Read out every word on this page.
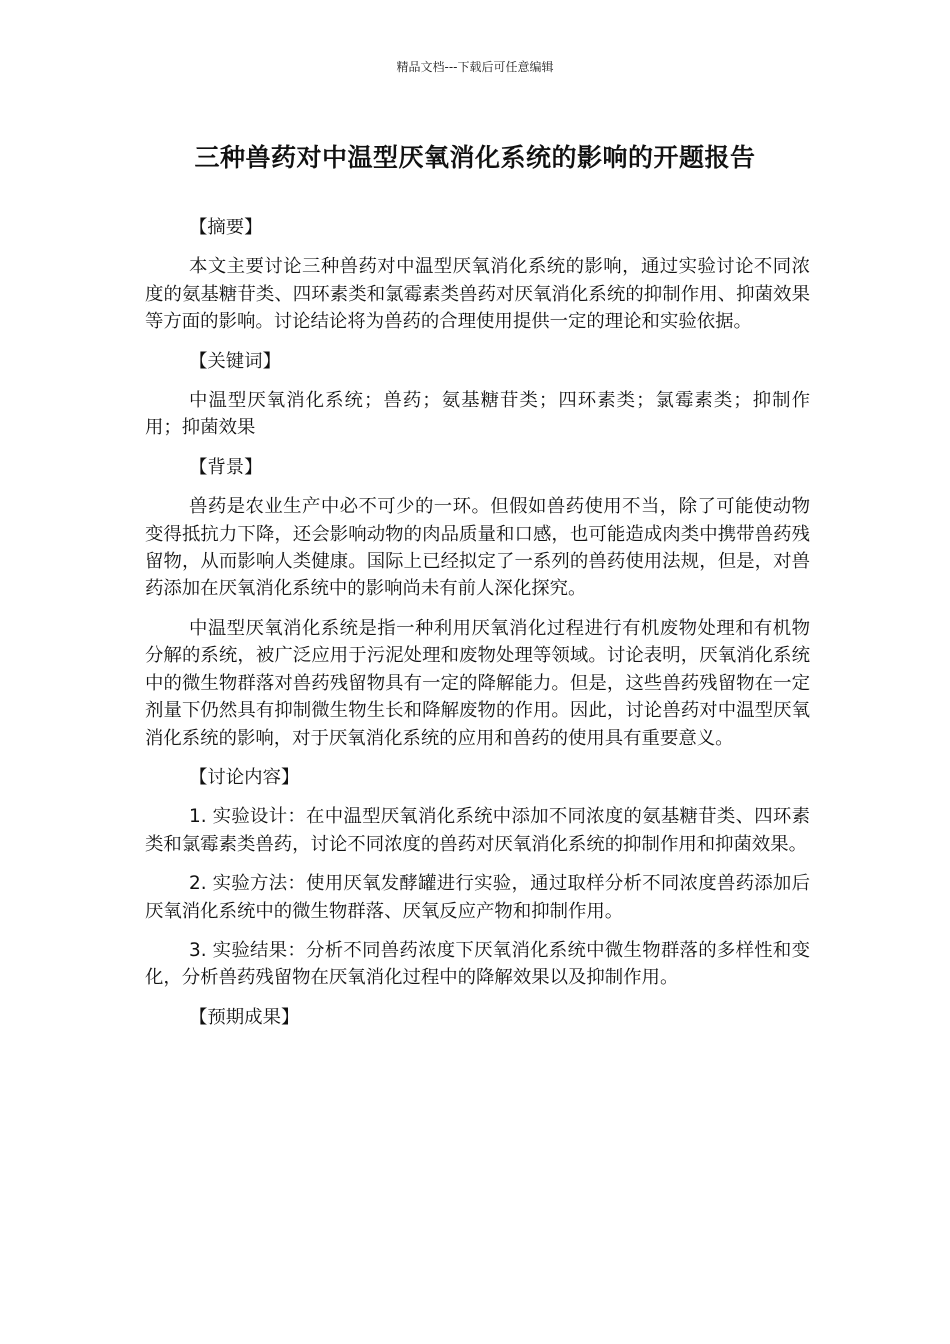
精品文档---下载后可任意编辑
三种兽药对中温型厌氧消化系统的影响的开题报告
【摘要】
本文主要讨论三种兽药对中温型厌氧消化系统的影响，通过实验讨论不同浓度的氨基糖苷类、四环素类和氯霉素类兽药对厌氧消化系统的抑制作用、抑菌效果等方面的影响。讨论结论将为兽药的合理使用提供一定的理论和实验依据。
【关键词】
中温型厌氧消化系统；兽药；氨基糖苷类；四环素类；氯霉素类；抑制作用；抑菌效果
【背景】
兽药是农业生产中必不可少的一环。但假如兽药使用不当，除了可能使动物变得抵抗力下降，还会影响动物的肉品质量和口感，也可能造成肉类中携带兽药残留物，从而影响人类健康。国际上已经拟定了一系列的兽药使用法规，但是，对兽药添加在厌氧消化系统中的影响尚未有前人深化探究。
中温型厌氧消化系统是指一种利用厌氧消化过程进行有机废物处理和有机物分解的系统，被广泛应用于污泥处理和废物处理等领域。讨论表明，厌氧消化系统中的微生物群落对兽药残留物具有一定的降解能力。但是，这些兽药残留物在一定剂量下仍然具有抑制微生物生长和降解废物的作用。因此，讨论兽药对中温型厌氧消化系统的影响，对于厌氧消化系统的应用和兽药的使用具有重要意义。
【讨论内容】
1. 实验设计：在中温型厌氧消化系统中添加不同浓度的氨基糖苷类、四环素类和氯霉素类兽药，讨论不同浓度的兽药对厌氧消化系统的抑制作用和抑菌效果。
2. 实验方法：使用厌氧发酵罐进行实验，通过取样分析不同浓度兽药添加后厌氧消化系统中的微生物群落、厌氧反应产物和抑制作用。
3. 实验结果：分析不同兽药浓度下厌氧消化系统中微生物群落的多样性和变化，分析兽药残留物在厌氧消化过程中的降解效果以及抑制作用。
【预期成果】
